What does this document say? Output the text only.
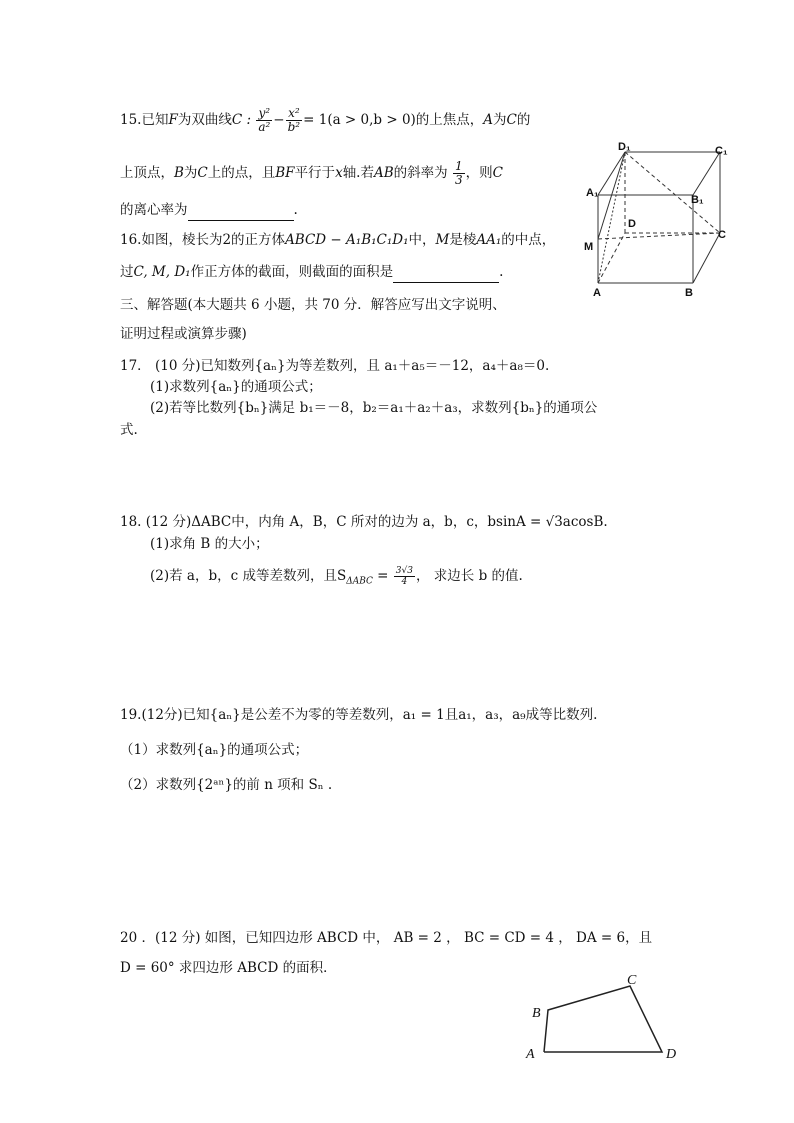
15.已知F为双曲线C : $\frac{\text{y²}}{\text{a²}} - \frac{\text{x²}}{\text{b²}} = 1(a > 0,b > 0)$的上焦点，A为C的
上顶点，B为C上的点，且BF平行于x轴.若AB的斜率为 $\frac{1}{3}$ ，则C
的离心率为	.
16.如图，棱长为2的正方体ABCD − A₁B₁C₁D₁中，M是棱AA₁的中点，
过C, M, D₁作正方体的截面，则截面的面积是	.
三、解答题(本大题共 6 小题，共 70 分．解答应写出文字说明、
证明过程或演算步骤)
17． (10 分)已知数列{aₙ}为等差数列，且 a₁＋a₅＝－12，a₄＋a₈＝0.
(1)求数列{aₙ}的通项公式；
(2)若等比数列{bₙ}满足 b₁＝－8，b₂＝a₁＋a₂＋a₃，求数列{bₙ}的通项公
式.
18. (12 分)ΔABC中，内角 A，B，C 所对的边为 a，b，c，bsinA = √3acosB.
(1)求角 B 的大小；
(2)若 a，b，c 成等差数列，且$S_{\Delta ABC} = \frac{3√3}{4}$ ， 求边长 b 的值.
19.(12分)已知{aₙ}是公差不为零的等差数列，a₁ = 1且a₁，a₃，a₉成等比数列.
（1）求数列{aₙ}的通项公式；
（2）求数列{2ᵃⁿ}的前 n 项和 Sₙ .
20 ．(12 分) 如图，已知四边形 ABCD 中， AB = 2 ， BC = CD = 4 ， DA = 6，且
D = 60° 求四边形 ABCD 的面积．
D₁	C₁
A₁
B₁
D
C
M
A	B
A
B
C
D
